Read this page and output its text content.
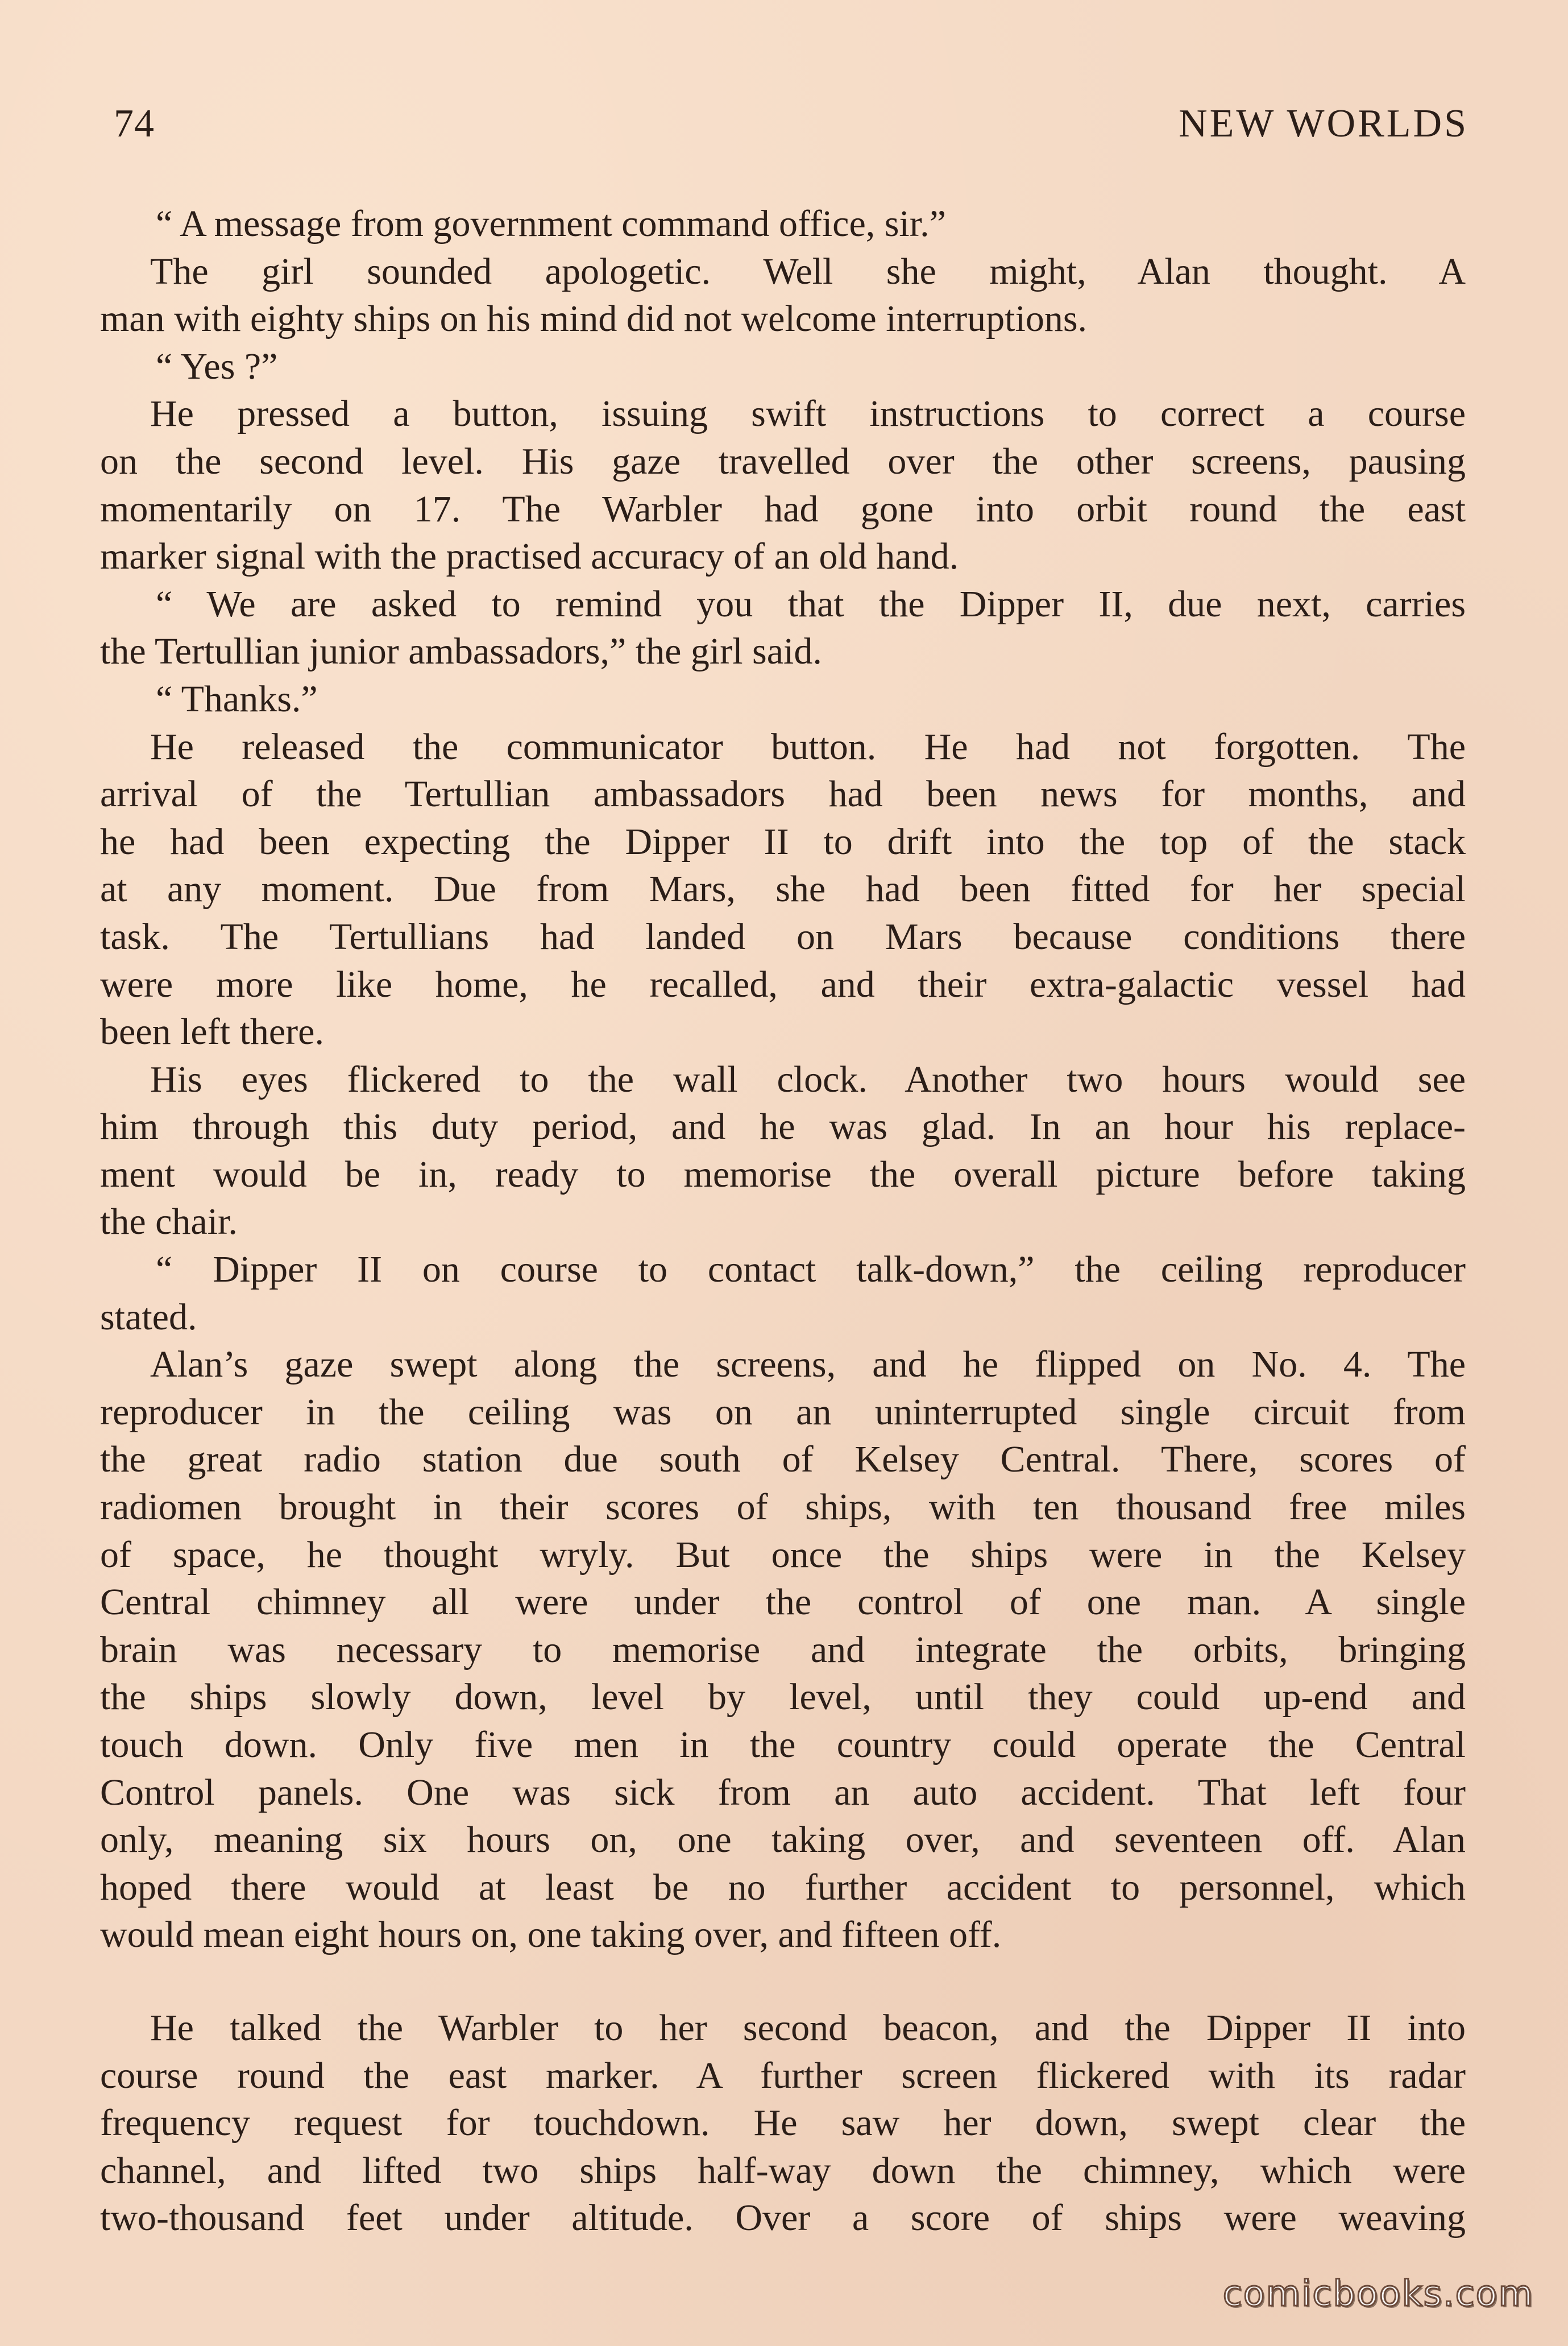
74	NEW WORLDS
“ A message from government command office, sir.”
The girl sounded apologetic. Well she might, Alan thought. A
man with eighty ships on his mind did not welcome interruptions.
“ Yes ?”
He pressed a button, issuing swift instructions to correct a course
on the second level. His gaze travelled over the other screens, pausing
momentarily on 17. The Warbler had gone into orbit round the east
marker signal with the practised accuracy of an old hand.
“ We are asked to remind you that the Dipper II, due next, carries
the Tertullian junior ambassadors,” the girl said.
“ Thanks.”
He released the communicator button. He had not forgotten. The
arrival of the Tertullian ambassadors had been news for months, and
he had been expecting the Dipper II to drift into the top of the stack
at any moment. Due from Mars, she had been fitted for her special
task. The Tertullians had landed on Mars because conditions there
were more like home, he recalled, and their extra-galactic vessel had
been left there.
His eyes flickered to the wall clock. Another two hours would see
him through this duty period, and he was glad. In an hour his replace-
ment would be in, ready to memorise the overall picture before taking
the chair.
“ Dipper II on course to contact talk-down,” the ceiling reproducer
stated.
Alan’s gaze swept along the screens, and he flipped on No. 4. The
reproducer in the ceiling was on an uninterrupted single circuit from
the great radio station due south of Kelsey Central. There, scores of
radiomen brought in their scores of ships, with ten thousand free miles
of space, he thought wryly. But once the ships were in the Kelsey
Central chimney all were under the control of one man. A single
brain was necessary to memorise and integrate the orbits, bringing
the ships slowly down, level by level, until they could up-end and
touch down. Only five men in the country could operate the Central
Control panels. One was sick from an auto accident. That left four
only, meaning six hours on, one taking over, and seventeen off. Alan
hoped there would at least be no further accident to personnel, which
would mean eight hours on, one taking over, and fifteen off.
He talked the Warbler to her second beacon, and the Dipper II into
course round the east marker. A further screen flickered with its radar
frequency request for touchdown. He saw her down, swept clear the
channel, and lifted two ships half-way down the chimney, which were
two-thousand feet under altitude. Over a score of ships were weaving
comicbooks.com
